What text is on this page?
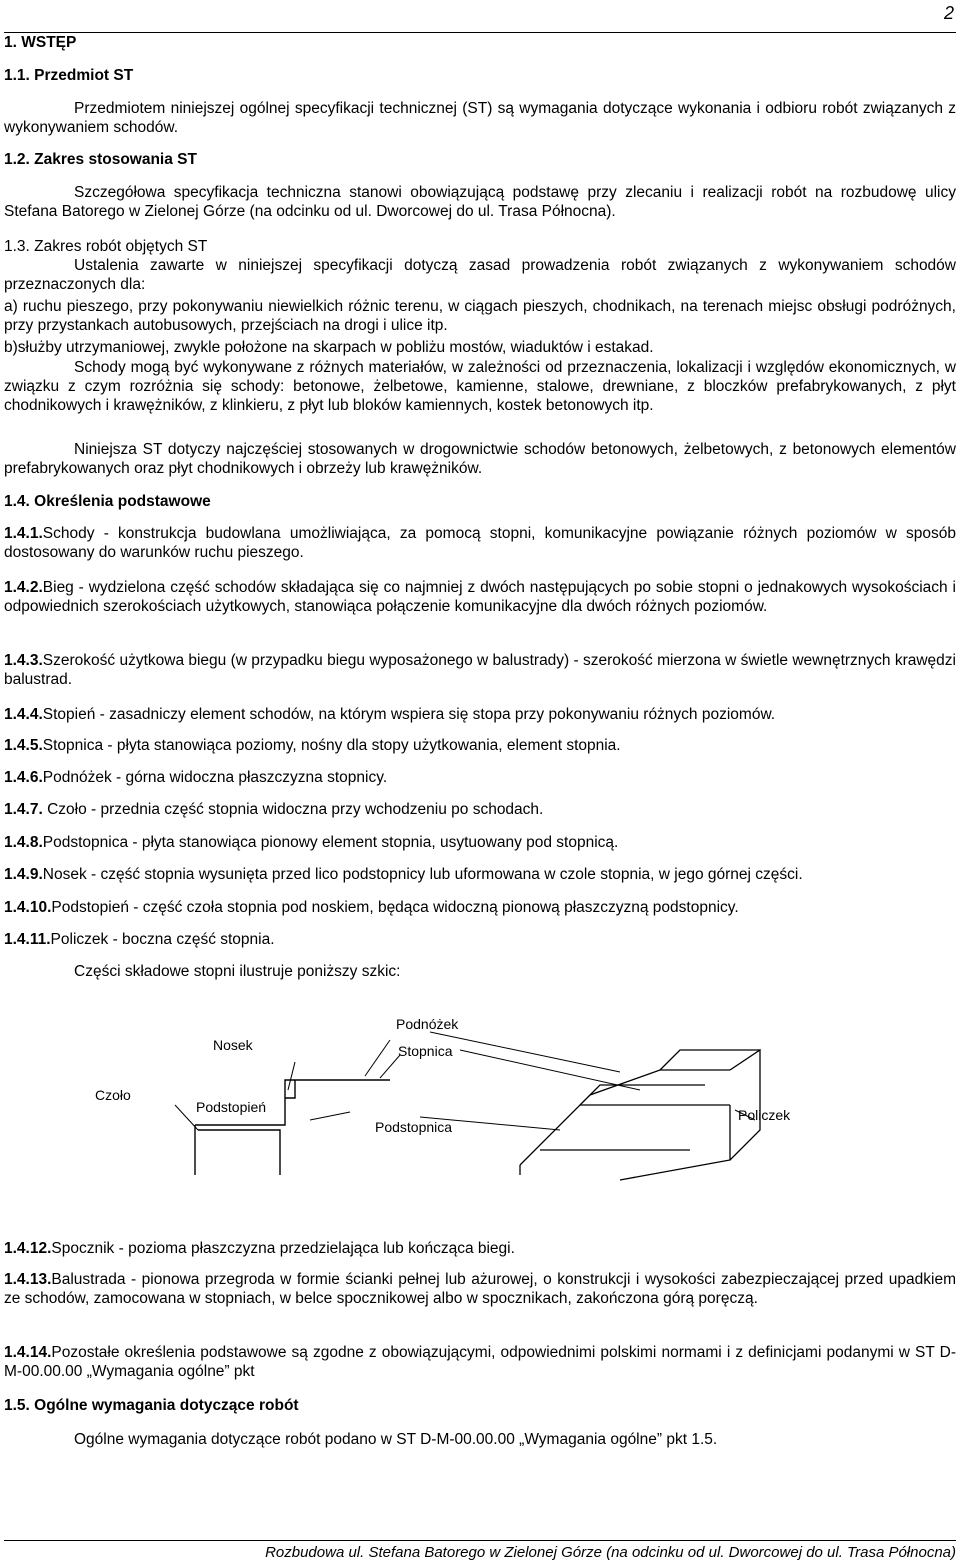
2
1. WSTĘP
1.1. Przedmiot ST
Przedmiotem niniejszej ogólnej specyfikacji technicznej (ST) są wymagania dotyczące wykonania i odbioru robót związanych z wykonywaniem schodów.
1.2. Zakres stosowania ST
Szczegółowa specyfikacja techniczna stanowi obowiązującą podstawę przy zlecaniu i realizacji robót na rozbudowę ulicy Stefana Batorego w Zielonej Górze (na odcinku od ul. Dworcowej do ul. Trasa Północna).
1.3. Zakres robót objętych ST
Ustalenia zawarte w niniejszej specyfikacji dotyczą zasad prowadzenia robót związanych z wykonywaniem schodów przeznaczonych dla:
a) ruchu pieszego, przy pokonywaniu niewielkich różnic terenu, w ciągach pieszych, chodnikach, na terenach miejsc obsługi podróżnych, przy przystankach autobusowych, przejściach na drogi i ulice itp.
b)służby utrzymaniowej, zwykle położone na skarpach w pobliżu mostów, wiaduktów i estakad.
Schody mogą być wykonywane z różnych materiałów, w zależności od przeznaczenia, lokalizacji i względów ekonomicznych, w związku z czym rozróżnia się schody: betonowe, żelbetowe, kamienne, stalowe, drewniane, z bloczków prefabrykowanych, z płyt chodnikowych i krawężników, z klinkieru, z płyt lub bloków kamiennych, kostek betonowych itp.
Niniejsza ST dotyczy najczęściej stosowanych w drogownictwie schodów betonowych, żelbetowych, z betonowych elementów prefabrykowanych oraz płyt chodnikowych i obrzeży lub krawężników.
1.4. Określenia podstawowe
1.4.1.Schody - konstrukcja budowlana umożliwiająca, za pomocą stopni, komunikacyjne powiązanie różnych poziomów w sposób dostosowany do warunków ruchu pieszego.
1.4.2.Bieg - wydzielona część schodów składająca się co najmniej z dwóch następujących po sobie stopni o jednakowych wysokościach i odpowiednich szerokościach użytkowych, stanowiąca połączenie komunikacyjne dla dwóch różnych poziomów.
1.4.3.Szerokość użytkowa biegu (w przypadku biegu wyposażonego w balustrady) - szerokość mierzona w świetle wewnętrznych krawędzi balustrad.
1.4.4.Stopień - zasadniczy element schodów, na którym wspiera się stopa przy pokonywaniu różnych poziomów.
1.4.5.Stopnica - płyta stanowiąca poziomy, nośny dla stopy użytkowania, element stopnia.
1.4.6.Podnóżek - górna widoczna płaszczyzna stopnicy.
1.4.7. Czoło - przednia część stopnia widoczna przy wchodzeniu po schodach.
1.4.8.Podstopnica - płyta stanowiąca pionowy element stopnia, usytuowany pod stopnicą.
1.4.9.Nosek - część stopnia wysunięta przed lico podstopnicy lub uformowana w czole stopnia, w jego górnej części.
1.4.10.Podstopień - część czoła stopnia pod noskiem, będąca widoczną pionową płaszczyzną podstopnicy.
1.4.11.Policzek - boczna część stopnia.
Części składowe stopni ilustruje poniższy szkic:
Nosek
Podnóżek
Stopnica
Czoło
Podstopień
Podstopnica
Policzek
1.4.12.Spocznik - pozioma płaszczyzna przedzielająca lub kończąca biegi.
1.4.13.Balustrada - pionowa przegroda w formie ścianki pełnej lub ażurowej, o konstrukcji i wysokości zabezpieczającej przed upadkiem ze schodów, zamocowana w stopniach, w belce spocznikowej albo w spocznikach, zakończona górą poręczą.
1.4.14.Pozostałe określenia podstawowe są zgodne z obowiązującymi, odpowiednimi polskimi normami i z definicjami podanymi w ST D-M-00.00.00 „Wymagania ogólne” pkt
1.5. Ogólne wymagania dotyczące robót
Ogólne wymagania dotyczące robót podano w ST D-M-00.00.00 „Wymagania ogólne” pkt 1.5.
Rozbudowa ul. Stefana Batorego w Zielonej Górze (na odcinku od ul. Dworcowej do ul. Trasa Północna)
